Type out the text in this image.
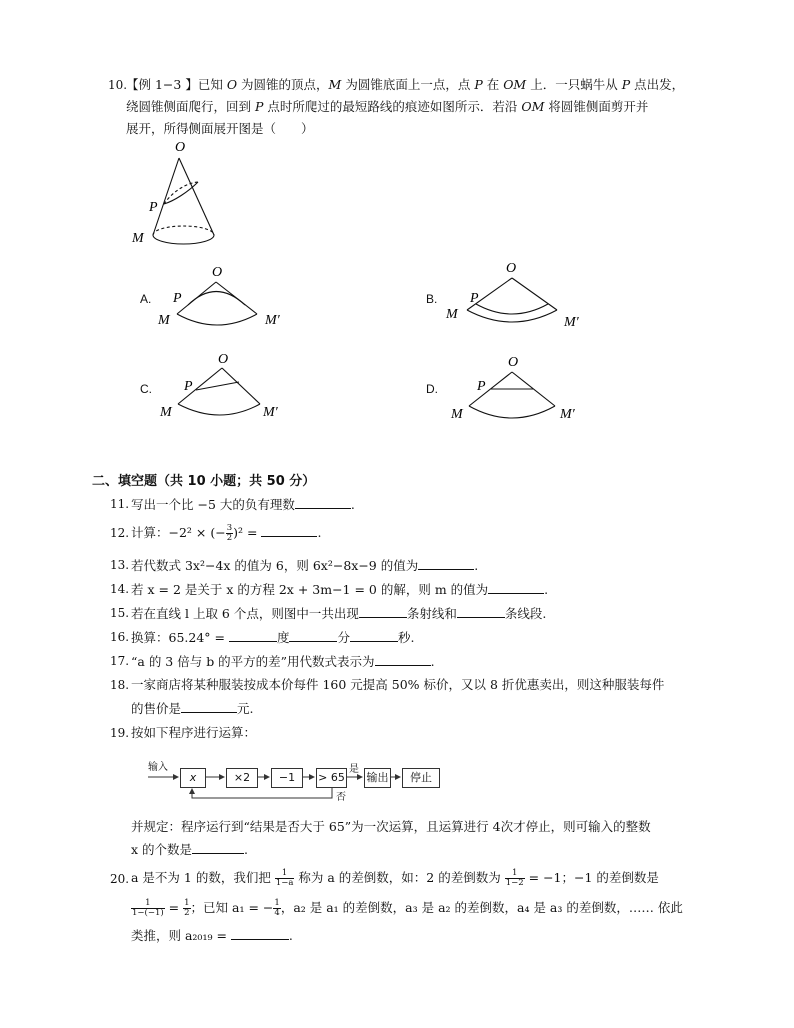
10.
【例 1−3 】已知 O 为圆锥的顶点，M 为圆锥底面上一点，点 P 在 OM 上．一只蜗牛从 P 点出发，
绕圆锥侧面爬行，回到 P 点时所爬过的最短路线的痕迹如图所示．若沿 OM 将圆锥侧面剪开并
展开，所得侧面展开图是（　　）
O
P
M
A.
O
P
M	M′
B.
O
P
M
M′
C.
O
P
M	M′
D.
O
P
M	M′
二、填空题（共 10 小题；共 50 分）
11. 写出一个比 −5 大的负有理数	.
12. 计算：−2² × (− $\frac{3}{2} )^2$ =	.
13. 若代数式 3x²−4x 的值为 6，则 6x²−8x−9 的值为	.
14. 若 x = 2 是关于 x 的方程 2x + 3m−1 = 0 的解，则 m 的值为	.
15. 若在直线 l 上取 6 个点，则图中一共出现	条射线和	条线段.
16. 换算：65.24° =	度	分	秒.
17. “a 的 3 倍与 b 的平方的差”用代数式表示为	.
18. 一家商店将某种服装按成本价每件 160 元提高 50% 标价，又以 8 折优惠卖出，则这种服装每件
的售价是	元.
19. 按如下程序进行运算：
输入
x	×2	−1	> 65
是
否
输出	停止
并规定：程序运行到“结果是否大于 65”为一次运算，且运算进行 4次才停止，则可输入的整数
x 的个数是	.
20. a 是不为 1 的数，我们把 $\frac{1}{1-a}$ 称为 a 的差倒数，如：2 的差倒数为 $\frac{1}{1-2} = -1$；−1 的差倒数是
$\frac{1}{1-(-1)} = \frac{1}{2}$ ；已知 a₁ = − $\frac{1}{4}$ ，a₂ 是 a₁ 的差倒数，a₃ 是 a₂ 的差倒数，a₄ 是 a₃ 的差倒数，…… 依此
类推，则 a₂₀₁₉ =	.
